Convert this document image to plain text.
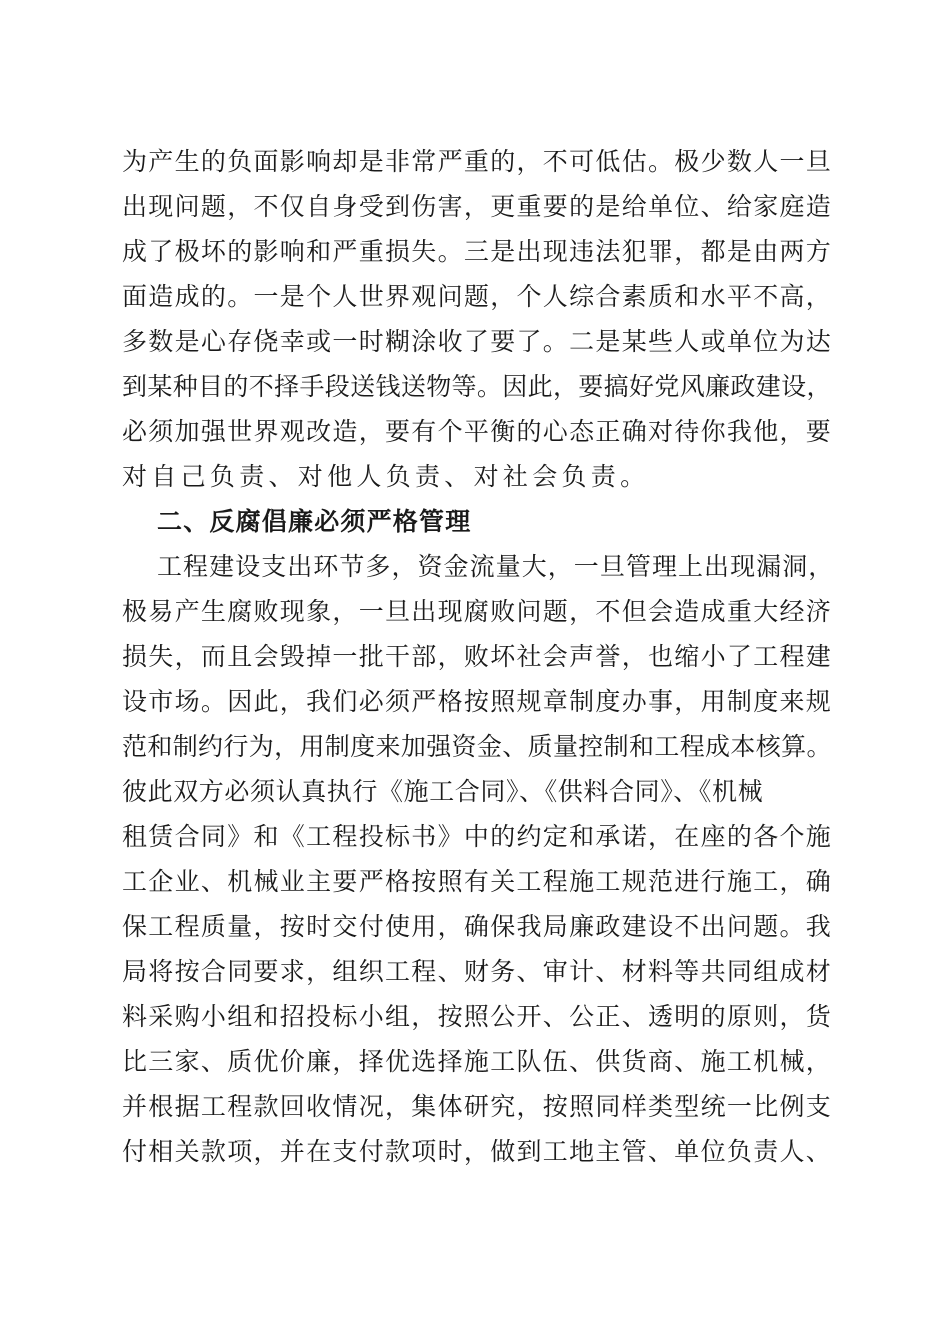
为产生的负面影响却是非常严重的，不可低估。极少数人一旦
出现问题，不仅自身受到伤害，更重要的是给单位、给家庭造
成了极坏的影响和严重损失。三是出现违法犯罪，都是由两方
面造成的。一是个人世界观问题，个人综合素质和水平不高，
多数是心存侥幸或一时糊涂收了要了。二是某些人或单位为达
到某种目的不择手段送钱送物等。因此，要搞好党风廉政建设，
必须加强世界观改造，要有个平衡的心态正确对待你我他，要
对自己负责、对他人负责、对社会负责。
二、反腐倡廉必须严格管理
工程建设支出环节多，资金流量大，一旦管理上出现漏洞，
极易产生腐败现象，一旦出现腐败问题，不但会造成重大经济
损失，而且会毁掉一批干部，败坏社会声誉，也缩小了工程建
设市场。因此，我们必须严格按照规章制度办事，用制度来规
范和制约行为，用制度来加强资金、质量控制和工程成本核算。
彼此双方必须认真执行《施工合同》、《供料合同》、《机械
租赁合同》和《工程投标书》中的约定和承诺，在座的各个施
工企业、机械业主要严格按照有关工程施工规范进行施工，确
保工程质量，按时交付使用，确保我局廉政建设不出问题。我
局将按合同要求，组织工程、财务、审计、材料等共同组成材
料采购小组和招投标小组，按照公开、公正、透明的原则，货
比三家、质优价廉，择优选择施工队伍、供货商、施工机械，
并根据工程款回收情况，集体研究，按照同样类型统一比例支
付相关款项，并在支付款项时，做到工地主管、单位负责人、
